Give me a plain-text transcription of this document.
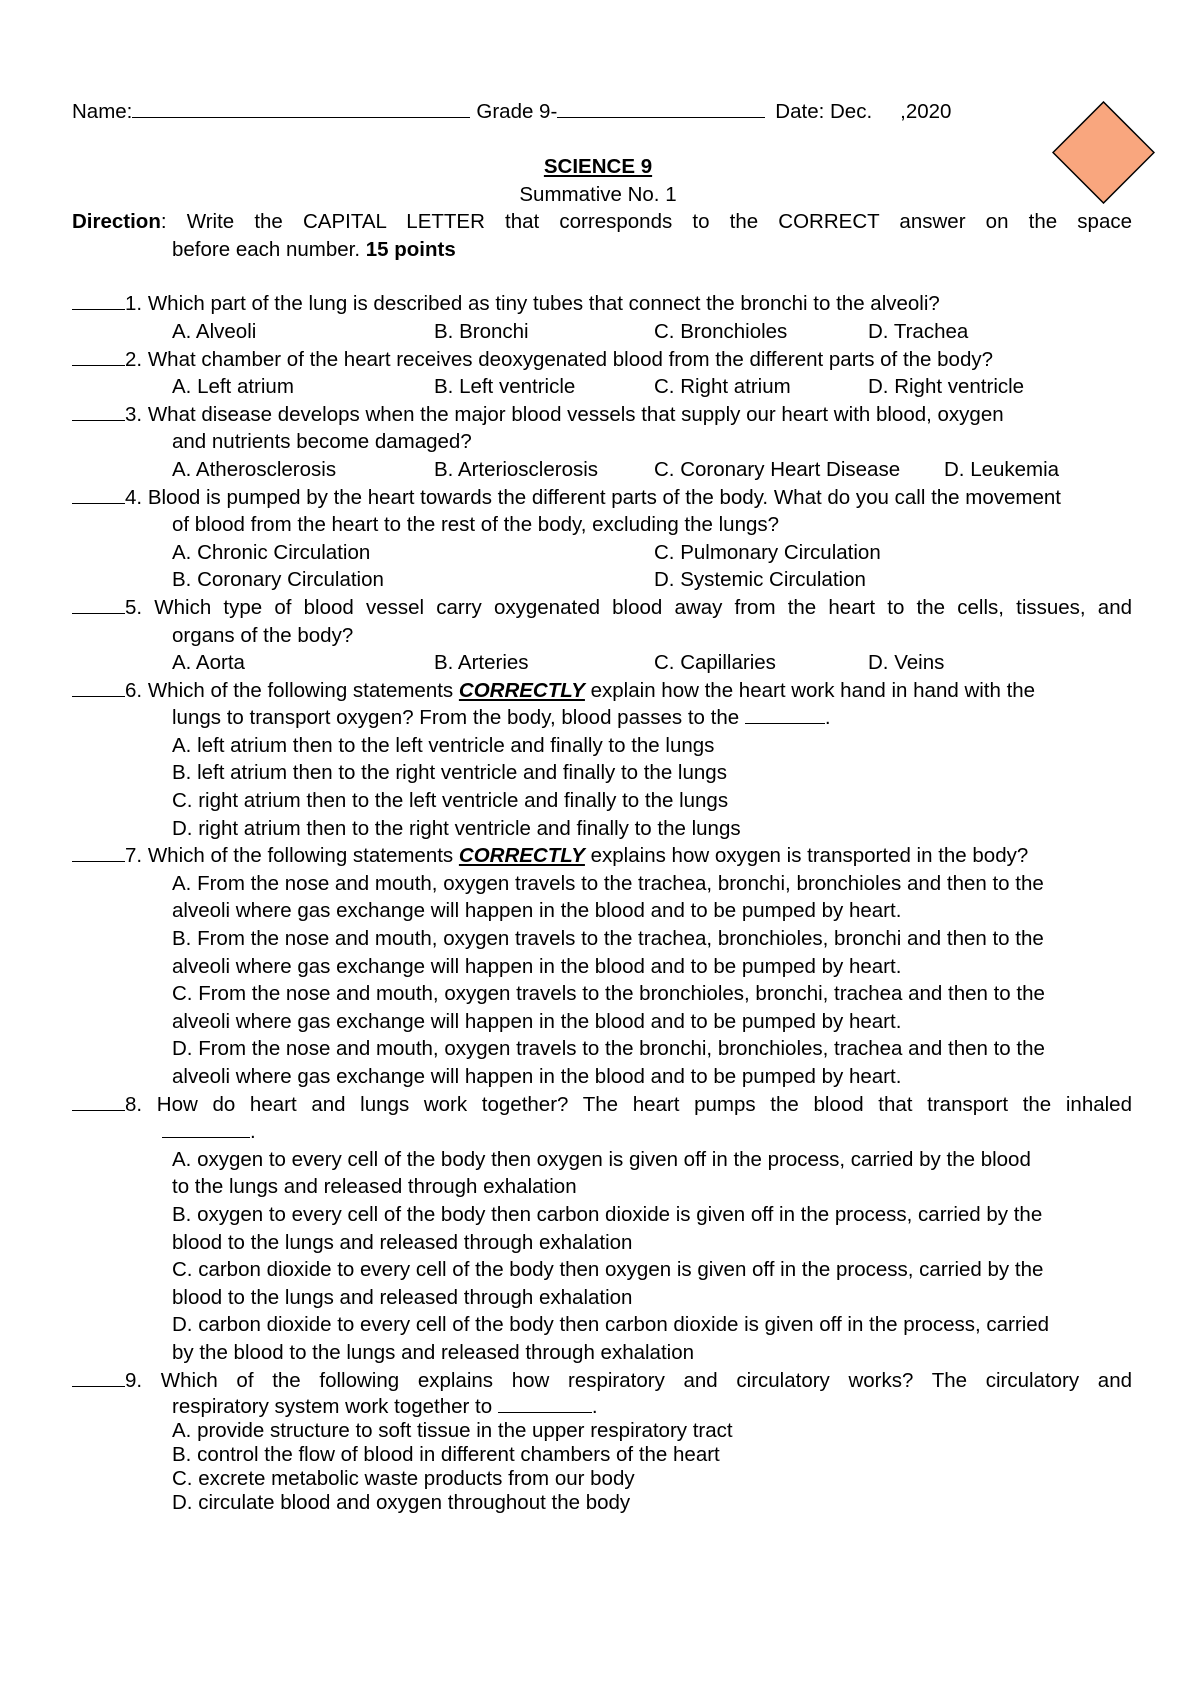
Name:	Grade 9-	Date: Dec. ,2020
SCIENCE 9
Summative No. 1
Direction: Write the CAPITAL LETTER that corresponds to the CORRECT answer on the space
before each number. 15 points
1. Which part of the lung is described as tiny tubes that connect the bronchi to the alveoli?
A. Alveoli	B. Bronchi	C. Bronchioles	D. Trachea
2. What chamber of the heart receives deoxygenated blood from the different parts of the body?
A. Left atrium	B. Left ventricle	C. Right atrium	D. Right ventricle
3. What disease develops when the major blood vessels that supply our heart with blood, oxygen
and nutrients become damaged?
A. Atherosclerosis	B. Arteriosclerosis	C. Coronary Heart Disease	D. Leukemia
4. Blood is pumped by the heart towards the different parts of the body. What do you call the movement
of blood from the heart to the rest of the body, excluding the lungs?
A. Chronic Circulation	C. Pulmonary Circulation
B. Coronary Circulation	D. Systemic Circulation
5. Which type of blood vessel carry oxygenated blood away from the heart to the cells, tissues, and
organs of the body?
A. Aorta	B. Arteries	C. Capillaries	D. Veins
6. Which of the following statements CORRECTLY explain how the heart work hand in hand with the
lungs to transport oxygen? From the body, blood passes to the	.
A. left atrium then to the left ventricle and finally to the lungs
B. left atrium then to the right ventricle and finally to the lungs
C. right atrium then to the left ventricle and finally to the lungs
D. right atrium then to the right ventricle and finally to the lungs
7. Which of the following statements CORRECTLY explains how oxygen is transported in the body?
A. From the nose and mouth, oxygen travels to the trachea, bronchi, bronchioles and then to the
alveoli where gas exchange will happen in the blood and to be pumped by heart.
B. From the nose and mouth, oxygen travels to the trachea, bronchioles, bronchi and then to the
alveoli where gas exchange will happen in the blood and to be pumped by heart.
C. From the nose and mouth, oxygen travels to the bronchioles, bronchi, trachea and then to the
alveoli where gas exchange will happen in the blood and to be pumped by heart.
D. From the nose and mouth, oxygen travels to the bronchi, bronchioles, trachea and then to the
alveoli where gas exchange will happen in the blood and to be pumped by heart.
8. How do heart and lungs work together? The heart pumps the blood that transport the inhaled
.
A. oxygen to every cell of the body then oxygen is given off in the process, carried by the blood
to the lungs and released through exhalation
B. oxygen to every cell of the body then carbon dioxide is given off in the process, carried by the
blood to the lungs and released through exhalation
C. carbon dioxide to every cell of the body then oxygen is given off in the process, carried by the
blood to the lungs and released through exhalation
D. carbon dioxide to every cell of the body then carbon dioxide is given off in the process, carried
by the blood to the lungs and released through exhalation
9. Which of the following explains how respiratory and circulatory works? The circulatory and
respiratory system work together to	.
A. provide structure to soft tissue in the upper respiratory tract
B. control the flow of blood in different chambers of the heart
C. excrete metabolic waste products from our body
D. circulate blood and oxygen throughout the body
